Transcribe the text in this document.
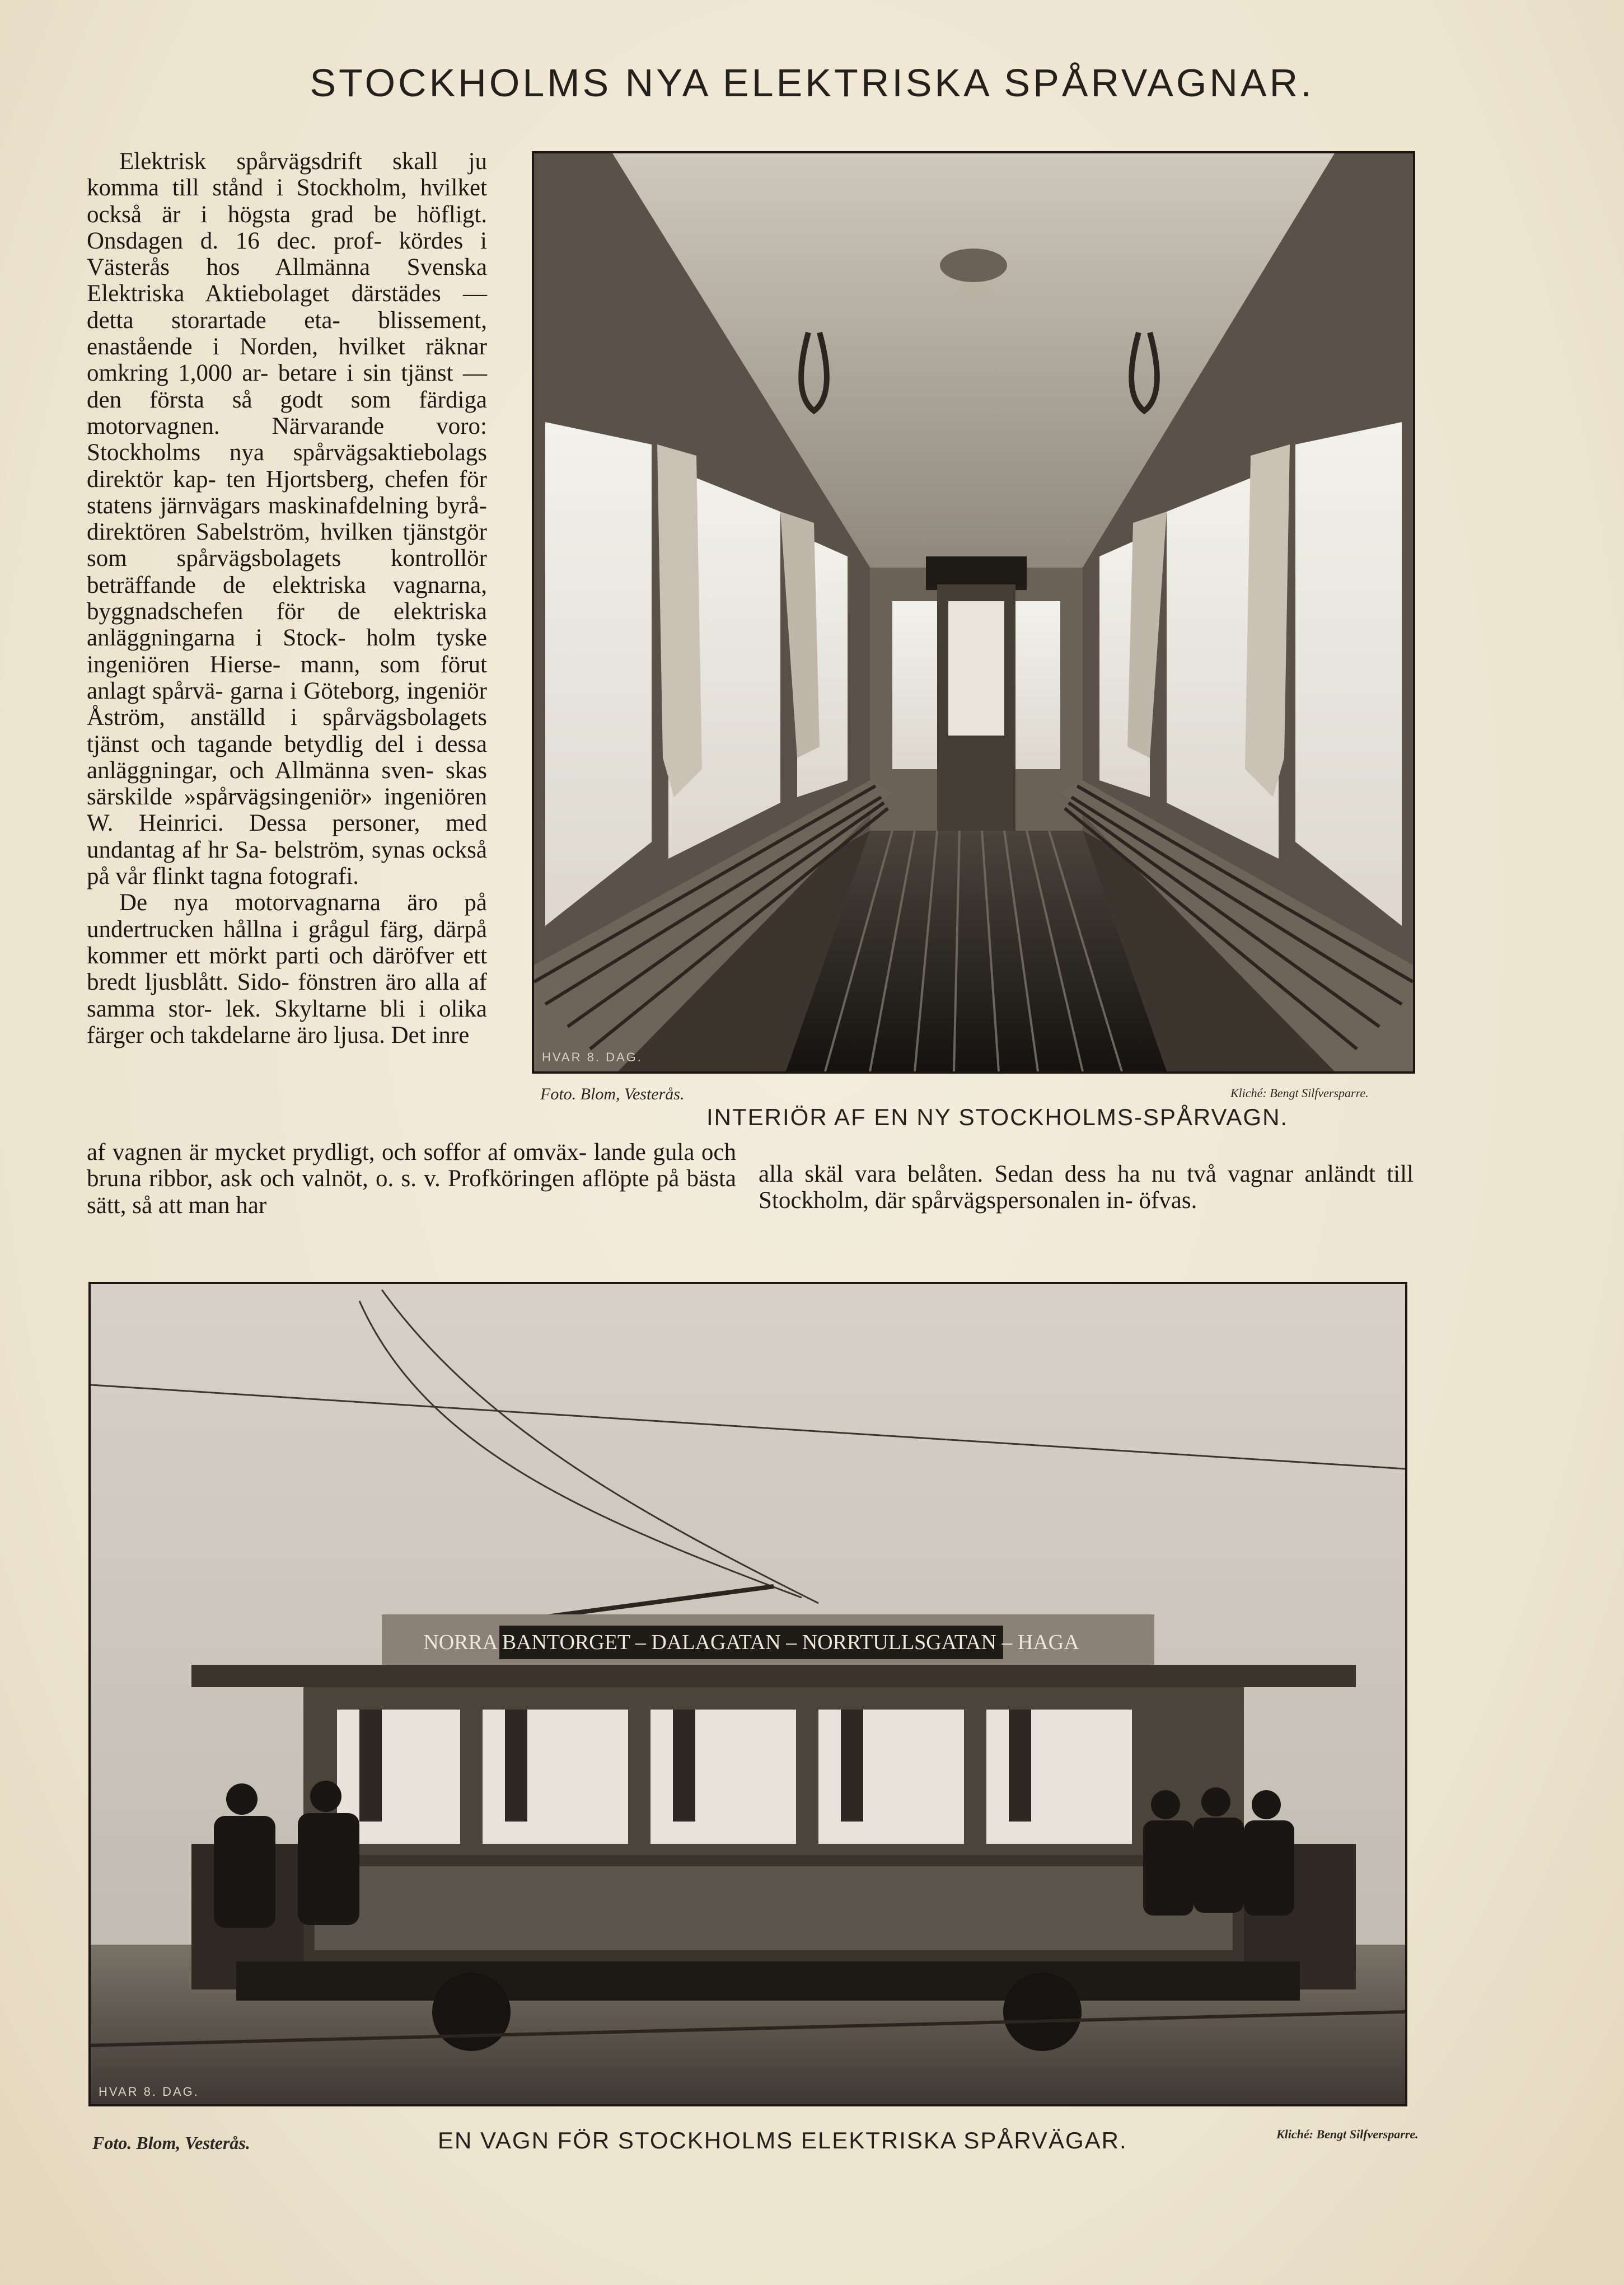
STOCKHOLMS NYA ELEKTRISKA SPÅRVAGNAR.

Elektrisk spårvägsdrift skall ju komma till stånd i Stockholm, hvilket också är i högsta grad be höfligt. Onsdagen d. 16 dec. prof- kördes i Västerås hos Allmänna Svenska Elektriska Aktiebolaget därstädes — detta storartade eta- blissement, enastående i Norden, hvilket räknar omkring 1,000 ar- betare i sin tjänst — den första så godt som färdiga motorvagnen. Närvarande voro: Stockholms nya spårvägsaktiebolags direktör kap- ten Hjortsberg, chefen för statens järnvägars maskinafdelning byrå- direktören Sabelström, hvilken tjänstgör som spårvägsbolagets kontrollör beträffande de elektriska vagnarna, byggnadschefen för de elektriska anläggningarna i Stock- holm tyske ingeniören Hierse- mann, som förut anlagt spårvä- garna i Göteborg, ingeniör Åström, anställd i spårvägsbolagets tjänst och tagande betydlig del i dessa anläggningar, och Allmänna sven- skas särskilde »spårvägsingeniör» ingeniören W. Heinrici. Dessa personer, med undantag af hr Sa- belström, synas också på vår flinkt tagna fotografi.

De nya motorvagnarna äro på undertrucken hållna i grågul färg, därpå kommer ett mörkt parti och däröfver ett bredt ljusblått. Sido- fönstren äro alla af samma stor- lek. Skyltarne bli i olika färger och takdelarne äro ljusa. Det inre

af vagnen är mycket prydligt, och soffor af omväx- lande gula och bruna ribbor, ask och valnöt, o. s. v. Profköringen aflöpte på bästa sätt, så att man har

alla skäl vara belåten. Sedan dess ha nu två vagnar anländt till Stockholm, där spårvägspersonalen in- öfvas.

HVAR 8. DAG.
Foto. Blom, Vesterås.	Kliché: Bengt Silfversparre.
INTERIÖR AF EN NY STOCKHOLMS-SPÅRVAGN.
NORRA BANTORGET – DALAGATAN – NORRTULLSGATAN – HAGA
HVAR 8. DAG.
Foto. Blom, Vesterås.	EN VAGN FÖR STOCKHOLMS ELEKTRISKA SPÅRVÄGAR.	Kliché: Bengt Silfversparre.
